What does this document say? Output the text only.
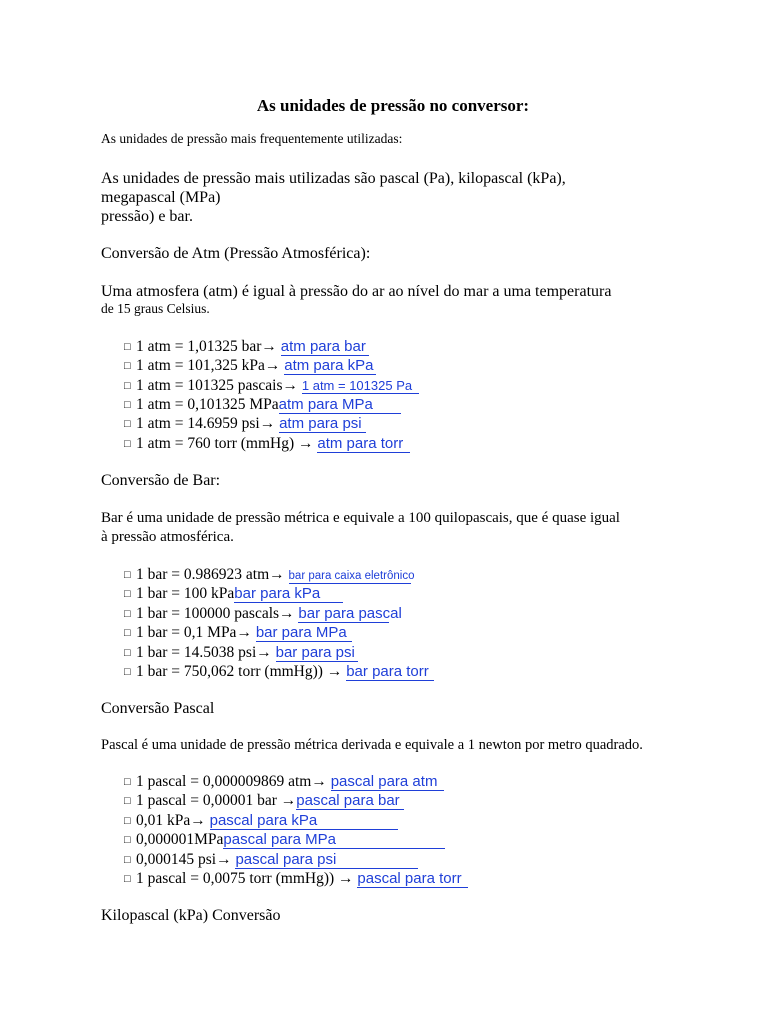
As unidades de pressão no conversor:
As unidades de pressão mais frequentemente utilizadas:
As unidades de pressão mais utilizadas são pascal (Pa), kilopascal (kPa),
megapascal (MPa)
pressão) e bar.
Conversão de Atm (Pressão Atmosférica):
Uma atmosfera (atm) é igual à pressão do ar ao nível do mar a uma temperatura
de 15 graus Celsius.
□ 1 atm = 1,01325 bar→ atm para bar
□ 1 atm = 101,325 kPa→ atm para kPa
□ 1 atm = 101325 pascais→ 1 atm = 101325 Pa
□ 1 atm = 0,101325 MPaatm para MPa
□ 1 atm = 14.6959 psi→ atm para psi
□ 1 atm = 760 torr (mmHg) → atm para torr
Conversão de Bar:
Bar é uma unidade de pressão métrica e equivale a 100 quilopascais, que é quase igual
à pressão atmosférica.
□ 1 bar = 0.986923 atm→ bar para caixa eletrônico
□ 1 bar = 100 kPabar para kPa
□ 1 bar = 100000 pascals→ bar para pascal
□ 1 bar = 0,1 MPa→ bar para MPa
□ 1 bar = 14.5038 psi→ bar para psi
□ 1 bar = 750,062 torr (mmHg)) → bar para torr
Conversão Pascal
Pascal é uma unidade de pressão métrica derivada e equivale a 1 newton por metro quadrado.
□ 1 pascal = 0,000009869 atm→ pascal para atm
□ 1 pascal = 0,00001 bar →pascal para bar
□ 0,01 kPa→ pascal para kPa
□ 0,000001MPapascal para MPa
□ 0,000145 psi→ pascal para psi
□ 1 pascal = 0,0075 torr (mmHg)) → pascal para torr
Kilopascal (kPa) Conversão
